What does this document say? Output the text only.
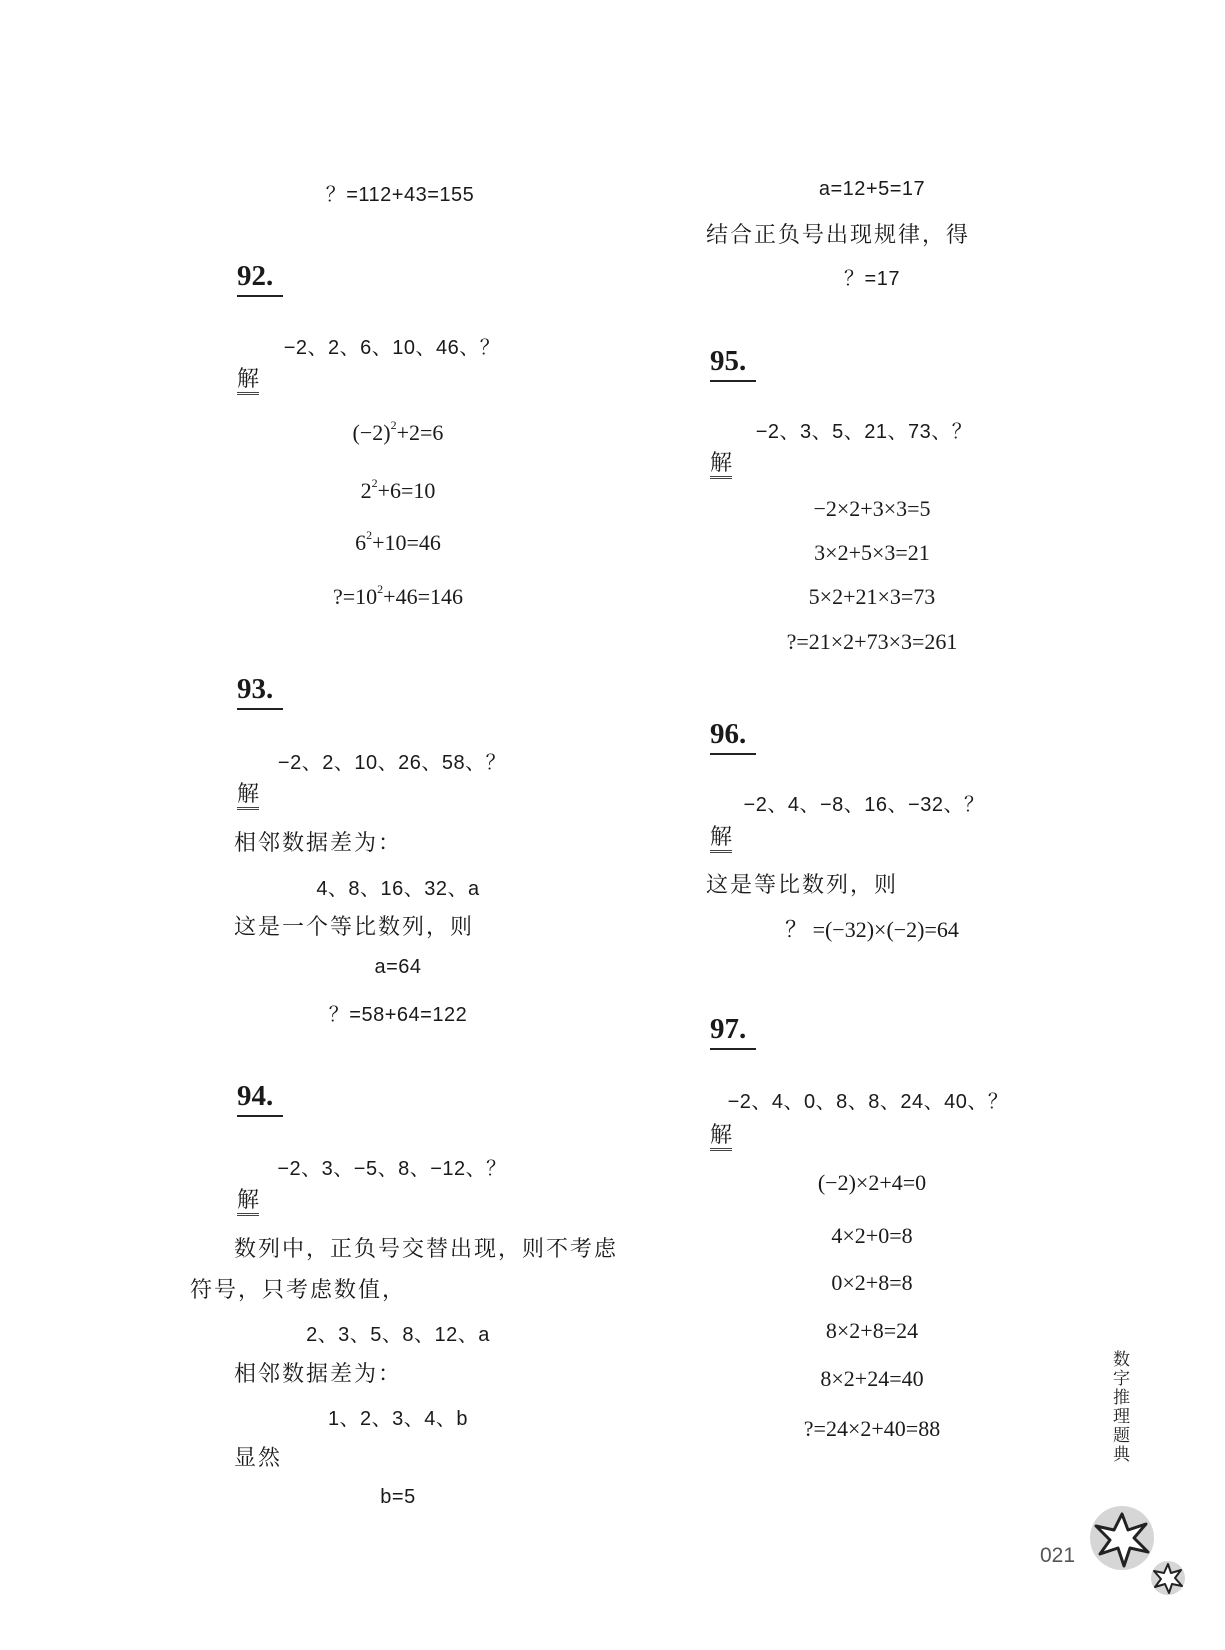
？=112+43=155
92.
−2、2、6、10、46、？
解
$(-2)^2+2=6$
$2^2+6=10$
$6^2+10=46$
$?=10^2+46=146$
93.
−2、2、10、26、58、？
解
相邻数据差为：
4、8、16、32、a
这是一个等比数列，则
a=64
？=58+64=122
94.
−2、3、−5、8、−12、？
解
数列中，正负号交替出现，则不考虑
符号，只考虑数值，
2、3、5、8、12、a
相邻数据差为：
1、2、3、4、b
显然
b=5
a=12+5=17
结合正负号出现规律，得
？=17
95.
−2、3、5、21、73、？
解
−2×2+3×3=5
3×2+5×3=21
5×2+21×3=73
?=21×2+73×3=261
96.
−2、4、−8、16、−32、？
解
这是等比数列，则
？ =(−32)×(−2)=64
97.
−2、4、0、8、8、24、40、？
解
(−2)×2+4=0
4×2+0=8
0×2+8=8
8×2+8=24
8×2+24=40
?=24×2+40=88	数字推理题典
021
